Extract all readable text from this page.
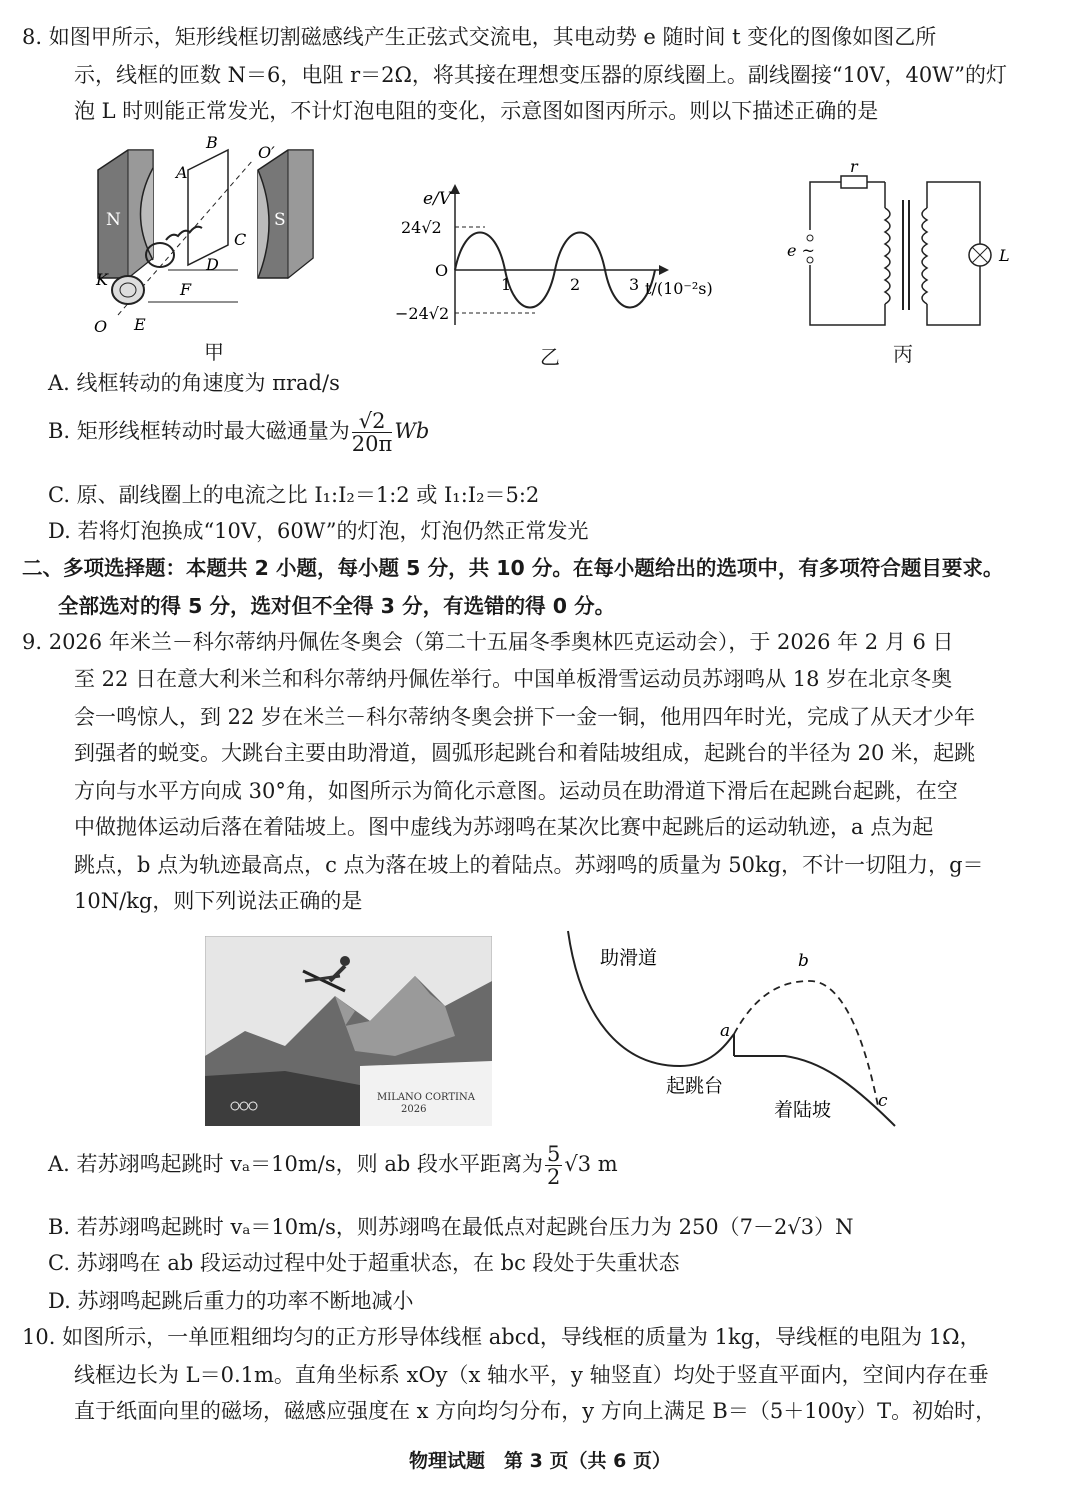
8. 如图甲所示，矩形线框切割磁感线产生正弦式交流电，其电动势 e 随时间 t 变化的图像如图乙所
示，线框的匝数 N＝6，电阻 r＝2Ω，将其接在理想变压器的原线圈上。副线圈接“10V，40W”的灯
泡 L 时则能正常发光，不计灯泡电阻的变化，示意图如图丙所示。则以下描述正确的是
N	S
B
O′
A
C
D
F
K
O E
甲
e/V
24√2
O
−24√2
1	2	3 t/(10⁻²s)
乙
r
e ~	L
丙
A. 线框转动的角速度为 πrad/s
B. 矩形线框转动时最大磁通量为 $\frac{√2}{20\pi}$ Wb
C. 原、副线圈上的电流之比 I₁:I₂＝1:2 或 I₁:I₂＝5:2
D. 若将灯泡换成“10V，60W”的灯泡，灯泡仍然正常发光
二、多项选择题：本题共 2 小题，每小题 5 分，共 10 分。在每小题给出的选项中，有多项符合题目要求。
全部选对的得 5 分，选对但不全得 3 分，有选错的得 0 分。
9. 2026 年米兰－科尔蒂纳丹佩佐冬奥会（第二十五届冬季奥林匹克运动会），于 2026 年 2 月 6 日
至 22 日在意大利米兰和科尔蒂纳丹佩佐举行。中国单板滑雪运动员苏翊鸣从 18 岁在北京冬奥
会一鸣惊人，到 22 岁在米兰－科尔蒂纳冬奥会拼下一金一铜，他用四年时光，完成了从天才少年
到强者的蜕变。大跳台主要由助滑道，圆弧形起跳台和着陆坡组成，起跳台的半径为 20 米，起跳
方向与水平方向成 30°角，如图所示为简化示意图。运动员在助滑道下滑后在起跳台起跳，在空
中做抛体运动后落在着陆坡上。图中虚线为苏翊鸣在某次比赛中起跳后的运动轨迹，a 点为起
跳点，b 点为轨迹最高点，c 点为落在坡上的着陆点。苏翊鸣的质量为 50kg，不计一切阻力，g＝
10N/kg，则下列说法正确的是
MILANO CORTINA
2026
助滑道
起跳台
着陆坡
a
b
c
A. 若苏翊鸣起跳时 vₐ＝10m/s，则 ab 段水平距离为 $\frac{5}{2} √3$ m
B. 若苏翊鸣起跳时 vₐ＝10m/s，则苏翊鸣在最低点对起跳台压力为 250（7－2√3）N
C. 苏翊鸣在 ab 段运动过程中处于超重状态，在 bc 段处于失重状态
D. 苏翊鸣起跳后重力的功率不断地减小
10. 如图所示，一单匝粗细均匀的正方形导体线框 abcd，导线框的质量为 1kg，导线框的电阻为 1Ω，
线框边长为 L＝0.1m。直角坐标系 xOy（x 轴水平，y 轴竖直）均处于竖直平面内，空间内存在垂
直于纸面向里的磁场，磁感应强度在 x 方向均匀分布，y 方向上满足 B＝（5＋100y）T。初始时，
物理试题　第 3 页（共 6 页）
